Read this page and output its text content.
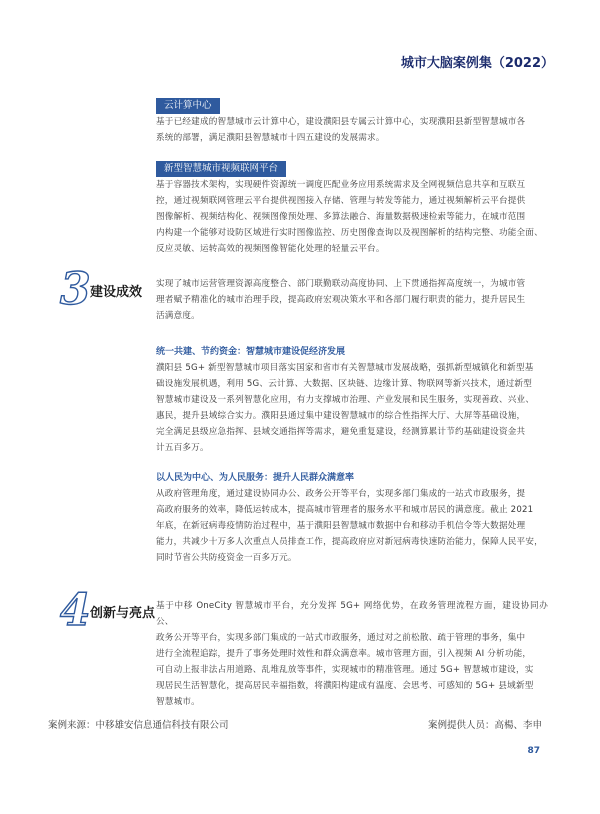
城市大脑案例集（2022）
云计算中心

基于已经建成的智慧城市云计算中心，建设濮阳县专属云计算中心，实现濮阳县新型智慧城市各

系统的部署，满足濮阳县智慧城市十四五建设的发展需求。

新型智慧城市视频联网平台

基于容器技术架构，实现硬件资源统一调度匹配业务应用系统需求及全网视频信息共享和互联互

控，通过视频联网管理云平台提供视图接入存储、管理与转发等能力，通过视频解析云平台提供

图像解析、视频结构化、视频图像预处理、多算法融合、海量数据极速检索等能力，在城市范围

内构建一个能够对设防区域进行实时图像监控、历史图像查询以及视图解析的结构完整、功能全面、

反应灵敏、运转高效的视频图像智能化处理的轻量云平台。

3 建设成效

实现了城市运营管理资源高度整合、部门联勤联动高度协同、上下贯通指挥高度统一，为城市管

理者赋予精准化的城市治理手段，提高政府宏观决策水平和各部门履行职责的能力，提升居民生

活满意度。

统一共建、节约资金：智慧城市建设促经济发展

濮阳县 5G+ 新型智慧城市项目落实国家和省市有关智慧城市发展战略，强抓新型城镇化和新型基

础设施发展机遇，利用 5G、云计算、大数据、区块链、边缘计算、物联网等新兴技术，通过新型

智慧城市建设及一系列智慧化应用，有力支撑城市治理、产业发展和民生服务，实现善政、兴业、

惠民，提升县域综合实力。濮阳县通过集中建设智慧城市的综合性指挥大厅、大屏等基础设施，

完全满足县级应急指挥、县域交通指挥等需求，避免重复建设，经测算累计节约基础建设资金共

计五百多万。

以人民为中心、为人民服务：提升人民群众满意率

从政府管理角度，通过建设协同办公、政务公开等平台，实现多部门集成的一站式市政服务，提

高政府服务的效率，降低运转成本，提高城市管理者的服务水平和城市居民的满意度。截止 2021

年底，在新冠病毒疫情防治过程中，基于濮阳县智慧城市数据中台和移动手机信令等大数据处理

能力，共减少十万多人次重点人员排查工作，提高政府应对新冠病毒快速防治能力，保障人民平安，

同时节省公共防疫资金一百多万元。

4 创新与亮点 基于中移 OneCity 智慧城市平台，充分发挥 5G+ 网络优势，在政务管理流程方面，建设协同办公、

政务公开等平台，实现多部门集成的一站式市政服务，通过对之前松散、疏于管理的事务，集中

进行全流程追踪，提升了事务处理时效性和群众满意率。城市管理方面，引入视频 AI 分析功能，

可自动上报非法占用道路、乱堆乱放等事件，实现城市的精准管理。通过 5G+ 智慧城市建设，实

现居民生活智慧化，提高居民幸福指数，将濮阳构建成有温度、会思考、可感知的 5G+ 县域新型

智慧城市。

案例来源：中移雄安信息通信科技有限公司	案例提供人员：高楊、李申
87
